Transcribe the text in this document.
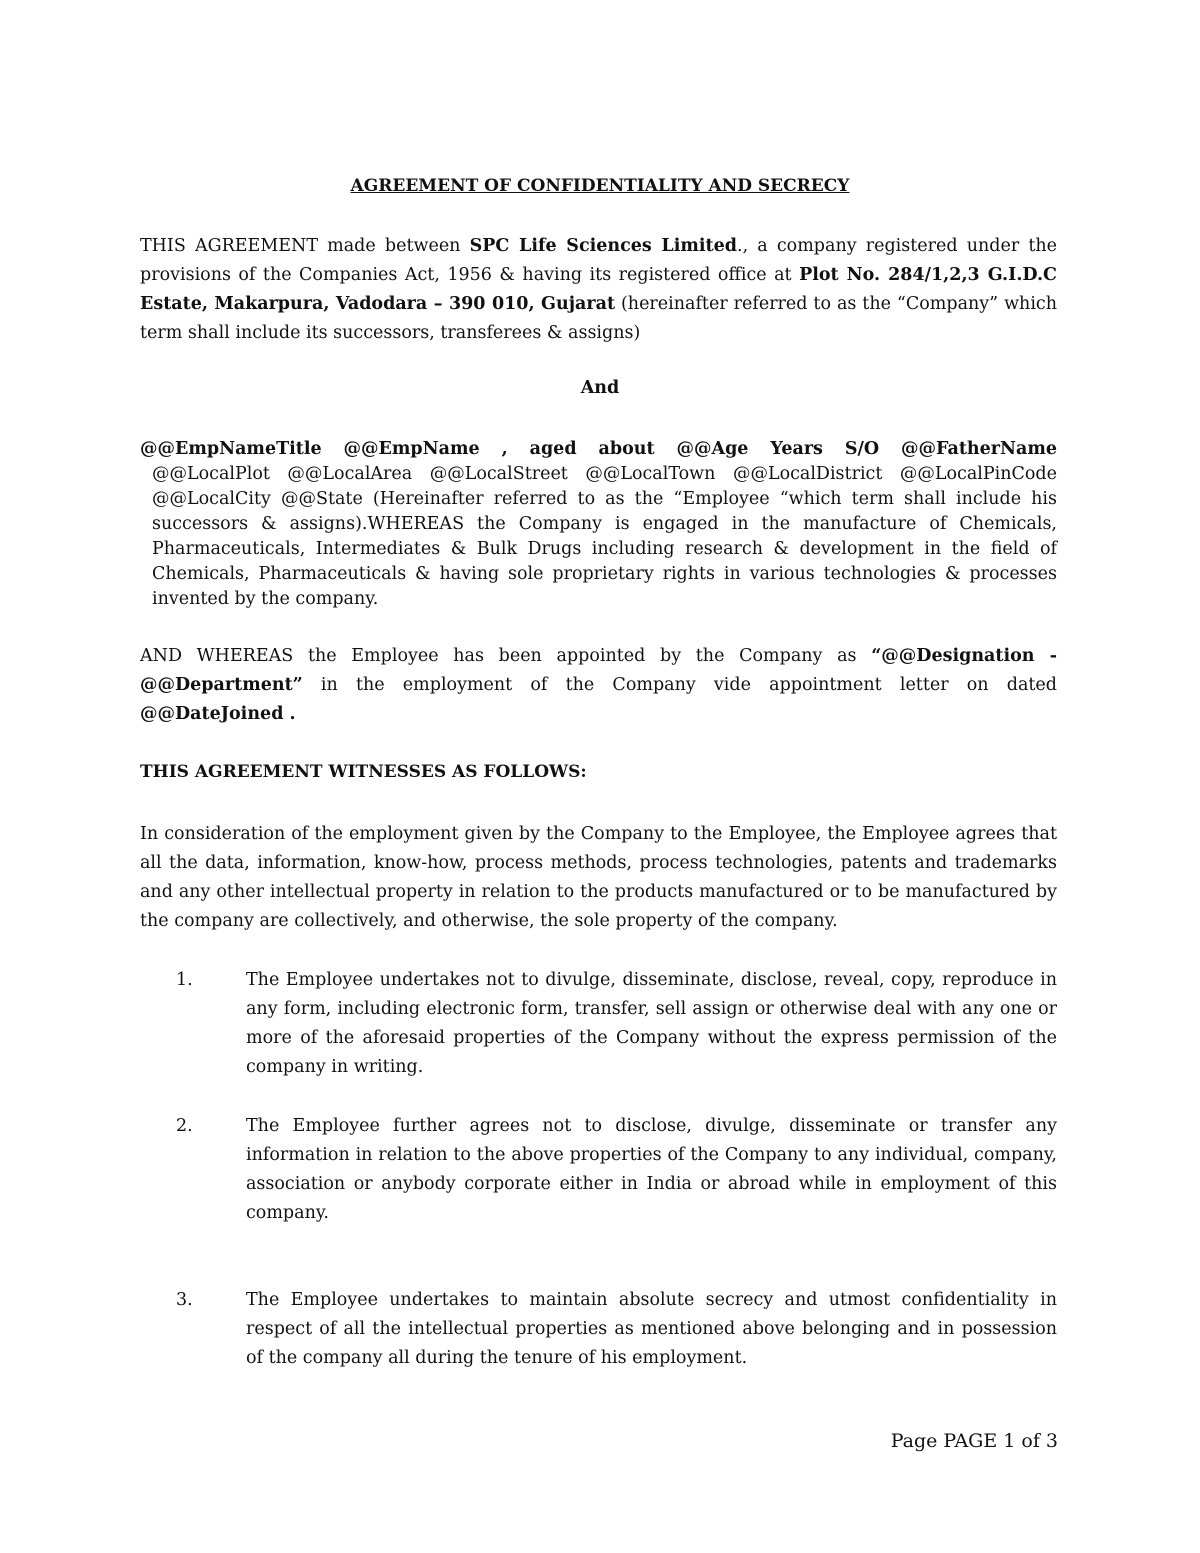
AGREEMENT OF CONFIDENTIALITY AND SECRECY
THIS AGREEMENT made between SPC Life Sciences Limited., a company registered under the provisions of the Companies Act, 1956 & having its registered office at Plot No. 284/1,2,3 G.I.D.C Estate, Makarpura, Vadodara – 390 010, Gujarat (hereinafter referred to as the “Company” which term shall include its successors, transferees & assigns)
And
@@EmpNameTitle @@EmpName , aged about @@Age Years S/O @@FatherName
@@LocalPlot @@LocalArea @@LocalStreet @@LocalTown @@LocalDistrict @@LocalPinCode @@LocalCity @@State (Hereinafter referred to as the “Employee “which term shall include his successors & assigns).WHEREAS the Company is engaged in the manufacture of Chemicals, Pharmaceuticals, Intermediates & Bulk Drugs including research & development in the field of Chemicals, Pharmaceuticals & having sole proprietary rights in various technologies & processes invented by the company.
AND WHEREAS the Employee has been appointed by the Company as “@@Designation - @@Department” in the employment of the Company vide appointment letter on dated @@DateJoined .
THIS AGREEMENT WITNESSES AS FOLLOWS:
In consideration of the employment given by the Company to the Employee, the Employee agrees that all the data, information, know-how, process methods, process technologies, patents and trademarks and any other intellectual property in relation to the products manufactured or to be manufactured by the company are collectively, and otherwise, the sole property of the company.
1.	The Employee undertakes not to divulge, disseminate, disclose, reveal, copy, reproduce in any form, including electronic form, transfer, sell assign or otherwise deal with any one or more of the aforesaid properties of the Company without the express permission of the company in writing.
2.	The Employee further agrees not to disclose, divulge, disseminate or transfer any information in relation to the above properties of the Company to any individual, company, association or anybody corporate either in India or abroad while in employment of this company.
3.	The Employee undertakes to maintain absolute secrecy and utmost confidentiality in respect of all the intellectual properties as mentioned above belonging and in possession of the company all during the tenure of his employment.
Page PAGE 1 of 3
